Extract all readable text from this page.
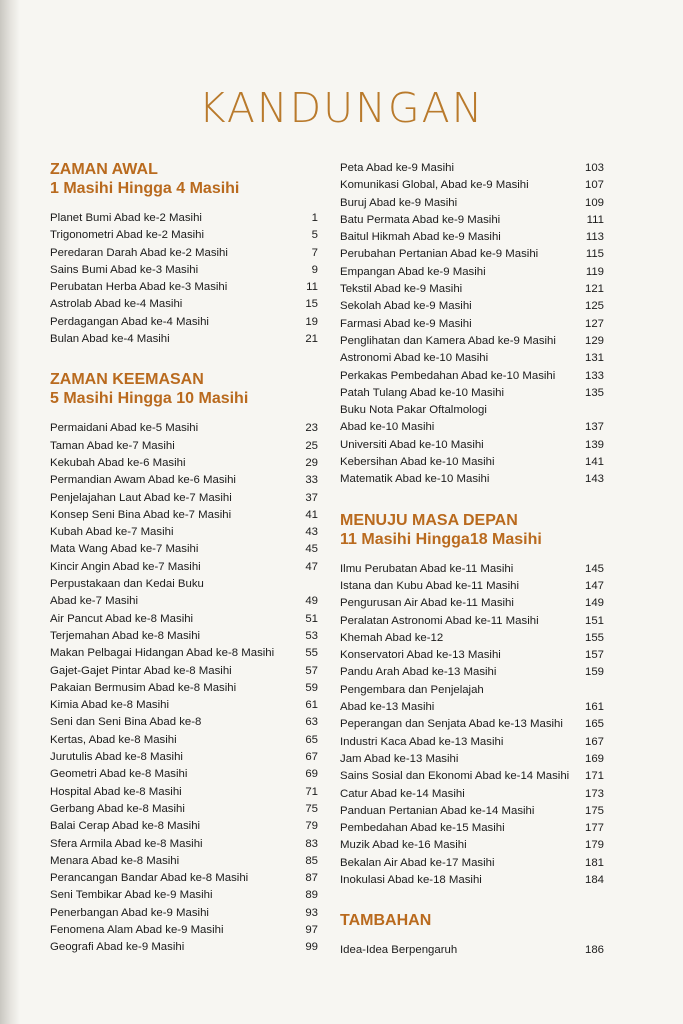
KANDUNGAN
ZAMAN AWAL
1 Masihi Hingga 4 Masihi
Planet Bumi Abad ke-2 Masihi	1
Trigonometri Abad ke-2 Masihi	5
Peredaran Darah Abad ke-2 Masihi	7
Sains Bumi Abad ke-3 Masihi	9
Perubatan Herba Abad ke-3 Masihi	11
Astrolab Abad ke-4 Masihi	15
Perdagangan Abad ke-4 Masihi	19
Bulan Abad ke-4 Masihi	21
ZAMAN KEEMASAN
5 Masihi Hingga 10 Masihi
Permaidani Abad ke-5 Masihi	23
Taman Abad ke-7 Masihi	25
Kekubah Abad ke-6 Masihi	29
Permandian Awam Abad ke-6 Masihi	33
Penjelajahan Laut Abad ke-7 Masihi	37
Konsep Seni Bina Abad ke-7 Masihi	41
Kubah Abad ke-7 Masihi	43
Mata Wang Abad ke-7 Masihi	45
Kincir Angin Abad ke-7 Masihi	47
Perpustakaan dan Kedai Buku
Abad ke-7 Masihi	49
Air Pancut Abad ke-8 Masihi	51
Terjemahan Abad ke-8 Masihi	53
Makan Pelbagai Hidangan Abad ke-8 Masihi	55
Gajet-Gajet Pintar Abad ke-8 Masihi	57
Pakaian Bermusim Abad ke-8 Masihi	59
Kimia Abad ke-8 Masihi	61
Seni dan Seni Bina Abad ke-8	63
Kertas, Abad ke-8 Masihi	65
Jurutulis Abad ke-8 Masihi	67
Geometri Abad ke-8 Masihi	69
Hospital Abad ke-8 Masihi	71
Gerbang Abad ke-8 Masihi	75
Balai Cerap Abad ke-8 Masihi	79
Sfera Armila Abad ke-8 Masihi	83
Menara Abad ke-8 Masihi	85
Perancangan Bandar Abad ke-8 Masihi	87
Seni Tembikar Abad ke-9 Masihi	89
Penerbangan Abad ke-9 Masihi	93
Fenomena Alam Abad ke-9 Masihi	97
Geografi Abad ke-9 Masihi	99
Peta Abad ke-9 Masihi	103
Komunikasi Global, Abad ke-9 Masihi	107
Buruj Abad ke-9 Masihi	109
Batu Permata Abad ke-9 Masihi	111
Baitul Hikmah Abad ke-9 Masihi	113
Perubahan Pertanian Abad ke-9 Masihi	115
Empangan Abad ke-9 Masihi	119
Tekstil Abad ke-9 Masihi	121
Sekolah Abad ke-9 Masihi	125
Farmasi Abad ke-9 Masihi	127
Penglihatan dan Kamera Abad ke-9 Masihi	129
Astronomi Abad ke-10 Masihi	131
Perkakas Pembedahan Abad ke-10 Masihi	133
Patah Tulang Abad ke-10 Masihi	135
Buku Nota Pakar Oftalmologi
Abad ke-10 Masihi	137
Universiti Abad ke-10 Masihi	139
Kebersihan Abad ke-10 Masihi	141
Matematik Abad ke-10 Masihi	143
MENUJU MASA DEPAN
11 Masihi Hingga18 Masihi
Ilmu Perubatan Abad ke-11 Masihi	145
Istana dan Kubu Abad ke-11 Masihi	147
Pengurusan Air Abad ke-11 Masihi	149
Peralatan Astronomi Abad ke-11 Masihi	151
Khemah Abad ke-12	155
Konservatori Abad ke-13 Masihi	157
Pandu Arah Abad ke-13 Masihi	159
Pengembara dan Penjelajah
Abad ke-13 Masihi	161
Peperangan dan Senjata Abad ke-13 Masihi	165
Industri Kaca Abad ke-13 Masihi	167
Jam Abad ke-13 Masihi	169
Sains Sosial dan Ekonomi Abad ke-14 Masihi	171
Catur Abad ke-14 Masihi	173
Panduan Pertanian Abad ke-14 Masihi	175
Pembedahan Abad ke-15 Masihi	177
Muzik Abad ke-16 Masihi	179
Bekalan Air Abad ke-17 Masihi	181
Inokulasi Abad ke-18 Masihi	184
TAMBAHAN
Idea-Idea Berpengaruh	186
